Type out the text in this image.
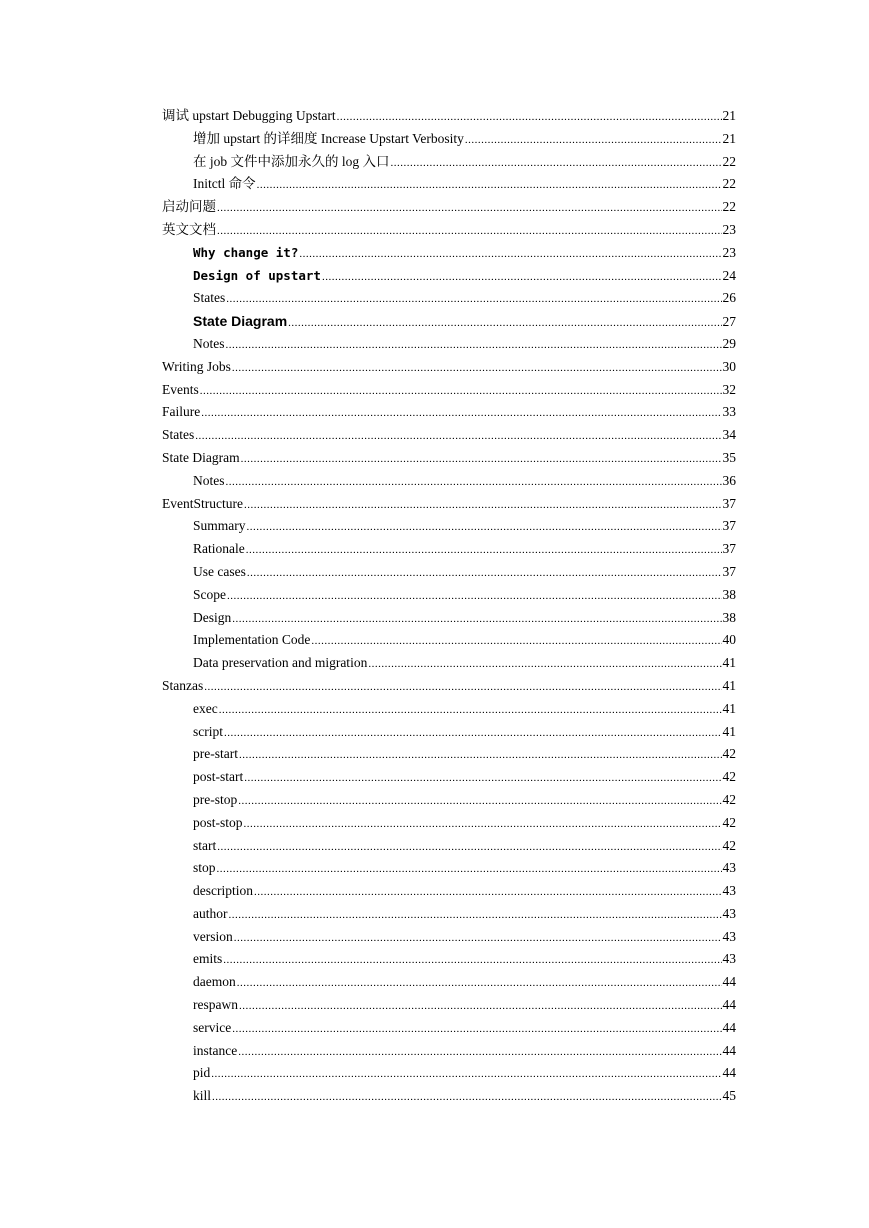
调试 upstart Debugging Upstart .....	21
增加 upstart 的详细度 Increase Upstart Verbosity .....	21
在 job 文件中添加永久的 log 入口 .....	22
Initctl 命令 .....	22
启动问题 .....	22
英文文档 .....	23
Why change it? .....	23
Design of upstart .....	24
States .....	26
State Diagram .....	27
Notes .....	29
Writing Jobs .....	30
Events .....	32
Failure .....	33
States .....	34
State Diagram .....	35
Notes .....	36
EventStructure .....	37
Summary .....	37
Rationale .....	37
Use cases .....	37
Scope .....	38
Design .....	38
Implementation Code .....	40
Data preservation and migration .....	41
Stanzas .....	41
exec .....	41
script .....	41
pre-start .....	42
post-start .....	42
pre-stop .....	42
post-stop .....	42
start .....	42
stop .....	43
description .....	43
author .....	43
version .....	43
emits .....	43
daemon .....	44
respawn .....	44
service .....	44
instance .....	44
pid .....	44
kill .....	45
